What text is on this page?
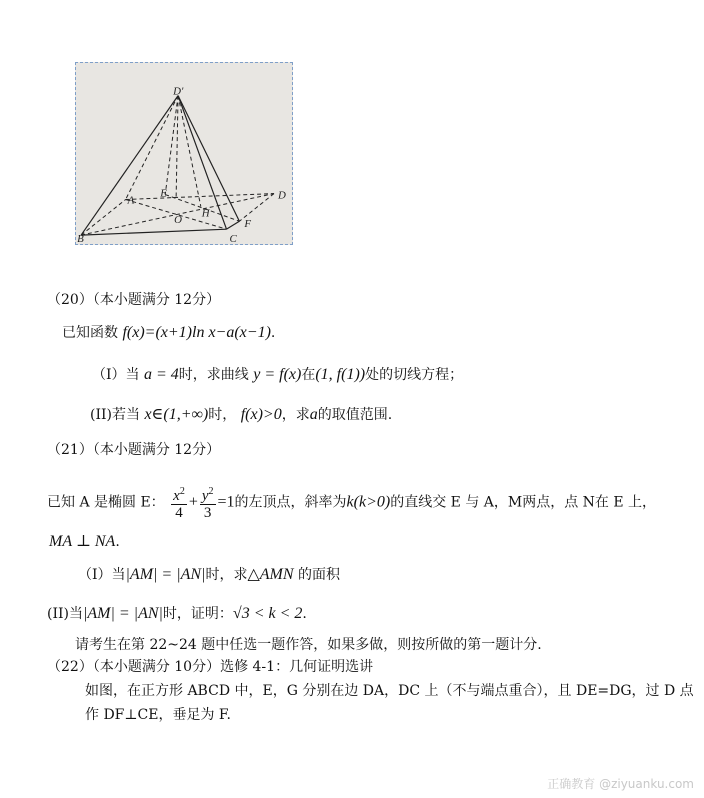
D'
A
B	C
D
E
F
H
O
（20）（本小题满分 12分）
已知函数 f(x)=(x+1)ln x−a(x−1).
（I）当 a = 4时，求曲线 y = f(x)在(1, f(1))处的切线方程；
(II)若当 x∈(1,+∞)时， f(x)>0，求a的取值范围.
（21）（本小题满分 12分）
已知 A 是椭圆 E： $\frac{x^2}{4} + \frac{y^2}{3} =1$的左顶点，斜率为k(k>0)的直线交 E 与 A，M两点，点 N在 E 上，
MA ⊥ NA.
（I）当|AM| = |AN|时，求△AMN 的面积
(II)当|AM| = |AN|时，证明：√3 < k < 2.
请考生在第 22~24 题中任选一题作答，如果多做，则按所做的第一题计分.
（22）（本小题满分 10分）选修 4-1：几何证明选讲
如图，在正方形 ABCD 中，E，G 分别在边 DA，DC 上（不与端点重合），且 DE=DG，过 D 点
作 DF⊥CE，垂足为 F.
正确教育 @ziyuanku.com
